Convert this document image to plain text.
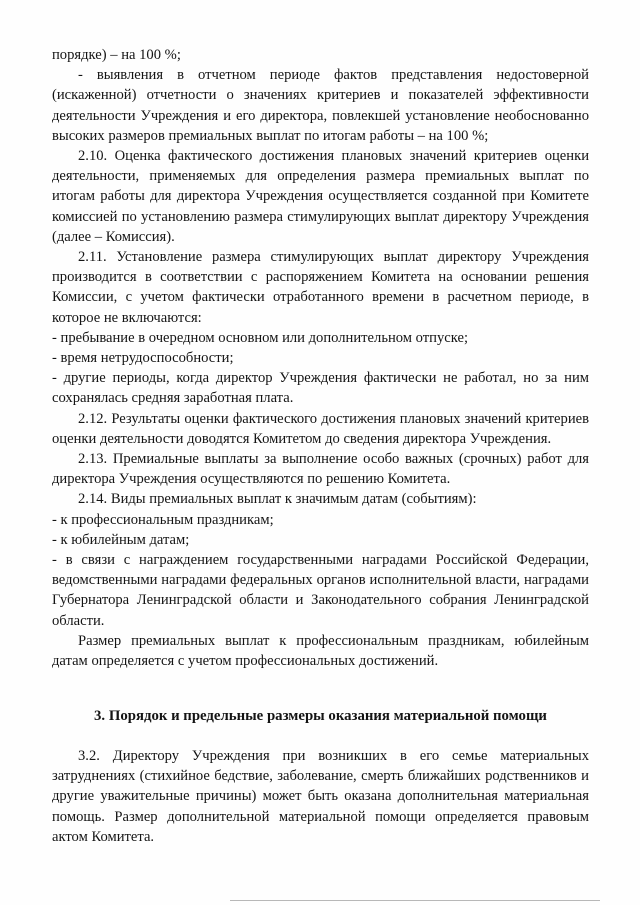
порядке) – на 100 %;

- выявления в отчетном периоде фактов представления недостоверной (искаженной) отчетности о значениях критериев и показателей эффективности деятельности Учреждения и его директора, повлекшей установление необоснованно высоких размеров премиальных выплат по итогам работы – на 100 %;

2.10. Оценка фактического достижения плановых значений критериев оценки деятельности, применяемых для определения размера премиальных выплат по итогам работы для директора Учреждения осуществляется созданной при Комитете комиссией по установлению размера стимулирующих выплат директору Учреждения (далее – Комиссия).

2.11. Установление размера стимулирующих выплат директору Учреждения производится в соответствии с распоряжением Комитета на основании решения Комиссии, с учетом фактически отработанного времени в расчетном периоде, в которое не включаются:

- пребывание в очередном основном или дополнительном отпуске;

- время нетрудоспособности;

- другие периоды, когда директор Учреждения фактически не работал, но за ним сохранялась средняя заработная плата.

2.12. Результаты оценки фактического достижения плановых значений критериев оценки деятельности доводятся Комитетом до сведения директора Учреждения.

2.13. Премиальные выплаты за выполнение особо важных (срочных) работ для директора Учреждения осуществляются по решению Комитета.

2.14. Виды премиальных выплат к значимым датам (событиям):

- к профессиональным праздникам;

- к юбилейным датам;

- в связи с награждением государственными наградами Российской Федерации, ведомственными наградами федеральных органов исполнительной власти, наградами Губернатора Ленинградской области и Законодательного собрания Ленинградской области.

Размер премиальных выплат к профессиональным праздникам, юбилейным датам определяется с учетом профессиональных достижений.

3. Порядок и предельные размеры оказания материальной помощи

3.2. Директору Учреждения при возникших в его семье материальных затруднениях (стихийное бедствие, заболевание, смерть ближайших родственников и другие уважительные причины) может быть оказана дополнительная материальная помощь. Размер дополнительной материальной помощи определяется правовым актом Комитета.
